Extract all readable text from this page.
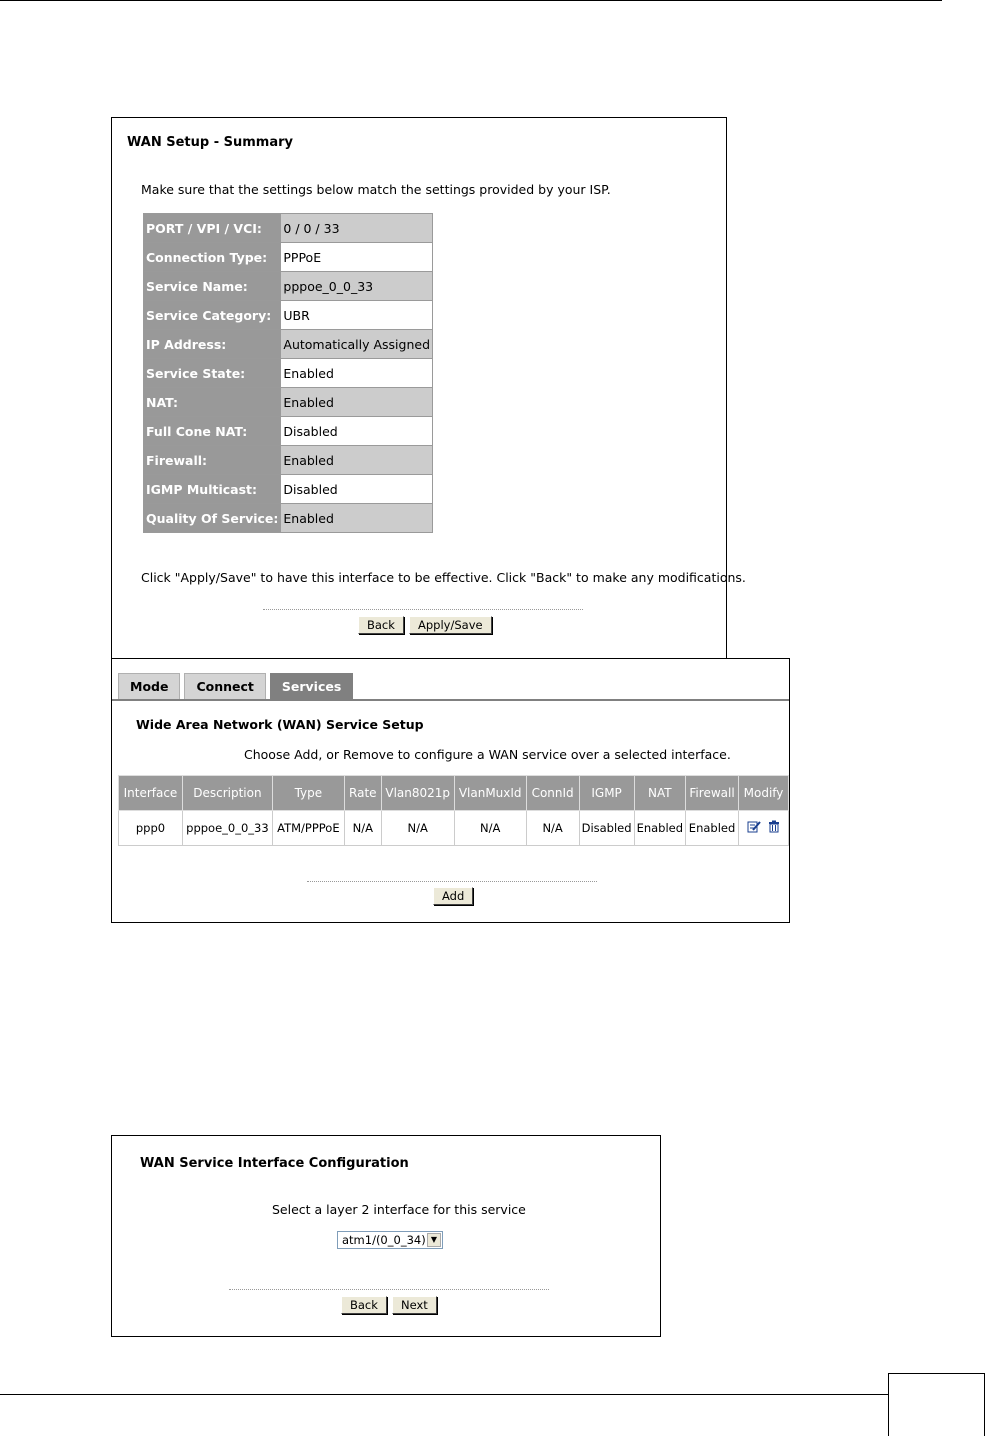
WAN Setup - Summary
Make sure that the settings below match the settings provided by your ISP.
PORT / VPI / VCI:	0 / 0 / 33
Connection Type:	PPPoE
Service Name:	pppoe_0_0_33
Service Category:	UBR
IP Address:	Automatically Assigned
Service State:	Enabled
NAT:	Enabled
Full Cone NAT:	Disabled
Firewall:	Enabled
IGMP Multicast:	Disabled
Quality Of Service:	Enabled
Click "Apply/Save" to have this interface to be effective. Click "Back" to make any modifications.
Back	Apply/Save
Mode	Connect	Services
Wide Area Network (WAN) Service Setup
Choose Add, or Remove to configure a WAN service over a selected interface.
Interface	Description	Type	Rate	Vlan8021p	VlanMuxId	ConnId	IGMP	NAT	Firewall	Modify
ppp0	pppoe_0_0_33	ATM/PPPoE	N/A	N/A	N/A	N/A	Disabled	Enabled	Enabled	
Add
WAN Service Interface Configuration
Select a layer 2 interface for this service
atm1/(0_0_34) ▼
Back	Next
